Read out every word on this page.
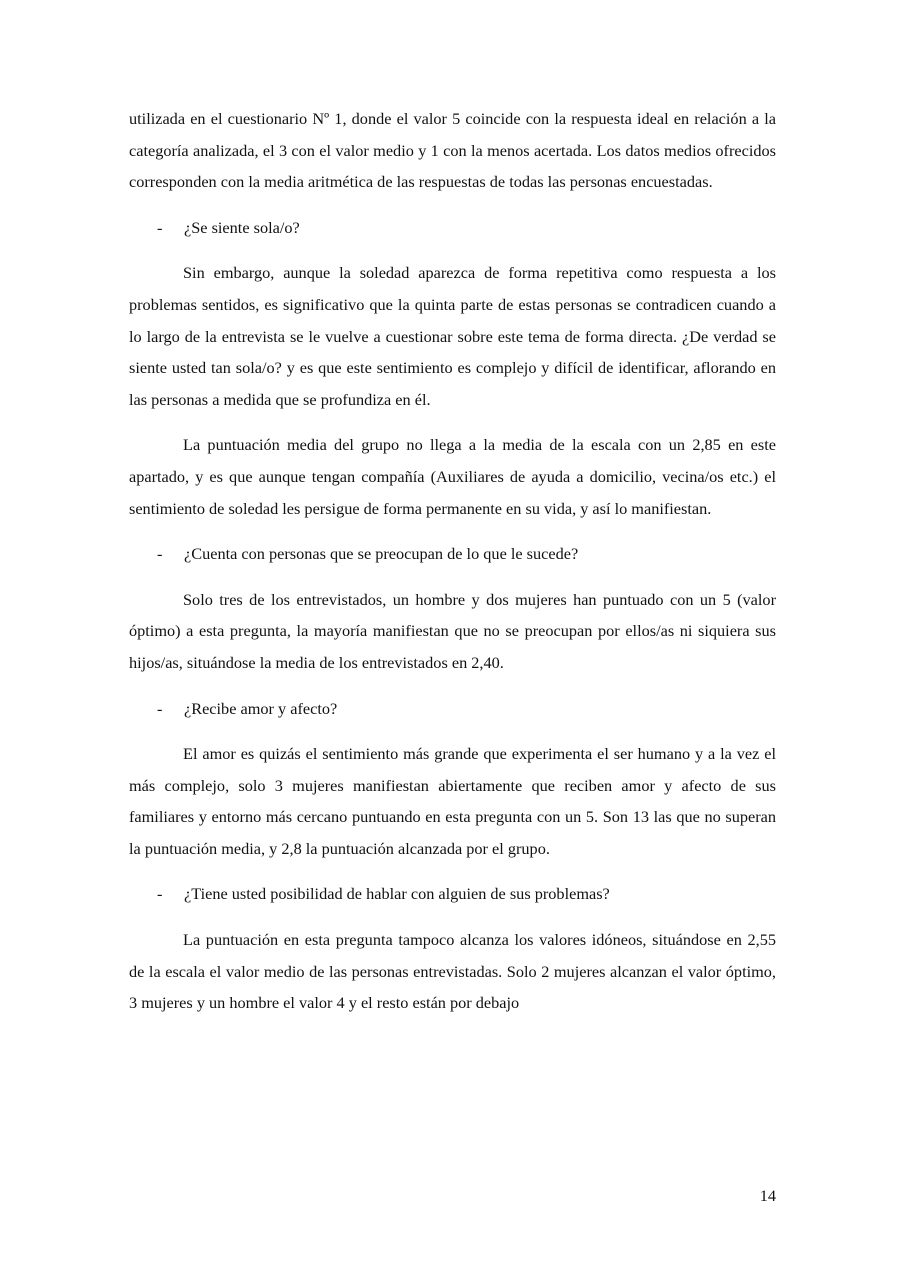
utilizada en el cuestionario Nº 1, donde el valor 5 coincide con la respuesta ideal en relación a la categoría analizada, el 3 con el valor medio y 1 con la menos acertada. Los datos medios ofrecidos corresponden con la media aritmética de las respuestas de todas las personas encuestadas.

-	¿Se siente sola/o?

Sin embargo, aunque la soledad aparezca de forma repetitiva como respuesta a los problemas sentidos, es significativo que la quinta parte de estas personas se contradicen cuando a lo largo de la entrevista se le vuelve a cuestionar sobre este tema de forma directa. ¿De verdad se siente usted tan sola/o? y es que este sentimiento es complejo y difícil de identificar, aflorando en las personas a medida que se profundiza en él.

La puntuación media del grupo no llega a la media de la escala con un 2,85 en este apartado, y es que aunque tengan compañía (Auxiliares de ayuda a domicilio, vecina/os etc.) el sentimiento de soledad les persigue de forma permanente en su vida, y así lo manifiestan.

-	¿Cuenta con personas que se preocupan de lo que le sucede?

Solo tres de los entrevistados, un hombre y dos mujeres han puntuado con un 5 (valor óptimo) a esta pregunta, la mayoría manifiestan que no se preocupan por ellos/as ni siquiera sus hijos/as, situándose la media de los entrevistados en 2,40.

-	¿Recibe amor y afecto?

El amor es quizás el sentimiento más grande que experimenta el ser humano y a la vez el más complejo, solo 3 mujeres manifiestan abiertamente que reciben amor y afecto de sus familiares y entorno más cercano puntuando en esta pregunta con un 5. Son 13 las que no superan la puntuación media, y 2,8 la puntuación alcanzada por el grupo.

-	¿Tiene usted posibilidad de hablar con alguien de sus problemas?

La puntuación en esta pregunta tampoco alcanza los valores idóneos, situándose en 2,55 de la escala el valor medio de las personas entrevistadas. Solo 2 mujeres alcanzan el valor óptimo, 3 mujeres y un hombre el valor 4 y el resto están por debajo

14
